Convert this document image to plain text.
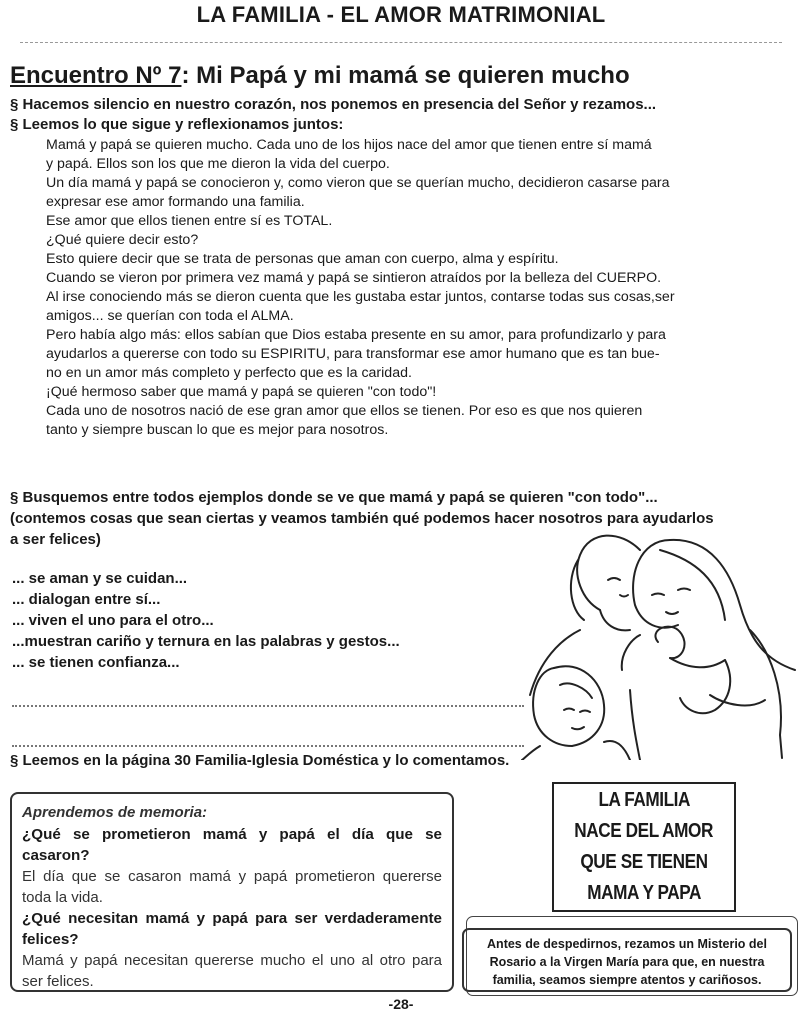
LA FAMILIA - EL AMOR MATRIMONIAL
Encuentro Nº 7: Mi Papá y mi mamá se quieren mucho
§ Hacemos silencio en nuestro corazón, nos ponemos en presencia del Señor y rezamos...
§ Leemos lo que sigue y reflexionamos juntos:
Mamá y papá se quieren mucho. Cada uno de los hijos nace del amor que tienen entre sí mamá
y papá. Ellos son los que me dieron la vida del cuerpo.
Un día mamá y papá se conocieron y, como vieron que se querían mucho, decidieron casarse para
expresar ese amor formando una familia.
Ese amor que ellos tienen entre sí es TOTAL.
¿Qué quiere decir esto?
Esto quiere decir que se trata de personas que aman con cuerpo, alma y espíritu.
Cuando se vieron por primera vez mamá y papá se sintieron atraídos por la belleza del CUERPO.
Al irse conociendo más se dieron cuenta que les gustaba estar juntos, contarse todas sus cosas,ser
amigos... se querían con toda el ALMA.
Pero había algo más: ellos sabían que Dios estaba presente en su amor, para profundizarlo y para
ayudarlos a quererse con todo su ESPIRITU, para transformar ese amor humano que es tan bue-
no en un amor más completo y perfecto que es la caridad.
¡Qué hermoso saber que mamá y papá se quieren "con todo"!
Cada uno de nosotros nació de ese gran amor que ellos se tienen. Por eso es que nos quieren
tanto y siempre buscan lo que es mejor para nosotros.
§ Busquemos entre todos ejemplos donde se ve que mamá y papá se quieren "con todo"...
(contemos cosas que sean ciertas y veamos también qué podemos hacer nosotros para ayudarlos
a ser felices)
... se aman y se cuidan...
... dialogan entre sí...
... viven el uno para el otro...
...muestran cariño y ternura en las palabras y gestos...
... se tienen confianza...
§ Leemos en la página 30 Familia-Iglesia Doméstica y lo comentamos.
Aprendemos de memoria:
¿Qué se prometieron mamá y papá el día que se casaron?
El día que se casaron mamá y papá prometieron quererse toda la vida.
¿Qué necesitan mamá y papá para ser verdaderamente felices?
Mamá y papá necesitan quererse mucho el uno al otro para ser felices.
LA FAMILIA
NACE DEL AMOR
QUE SE TIENEN
MAMA Y PAPA
Antes de despedirnos, rezamos un Misterio del Rosario a la Virgen María para que, en nuestra familia, seamos siempre atentos y cariñosos.
-28-
